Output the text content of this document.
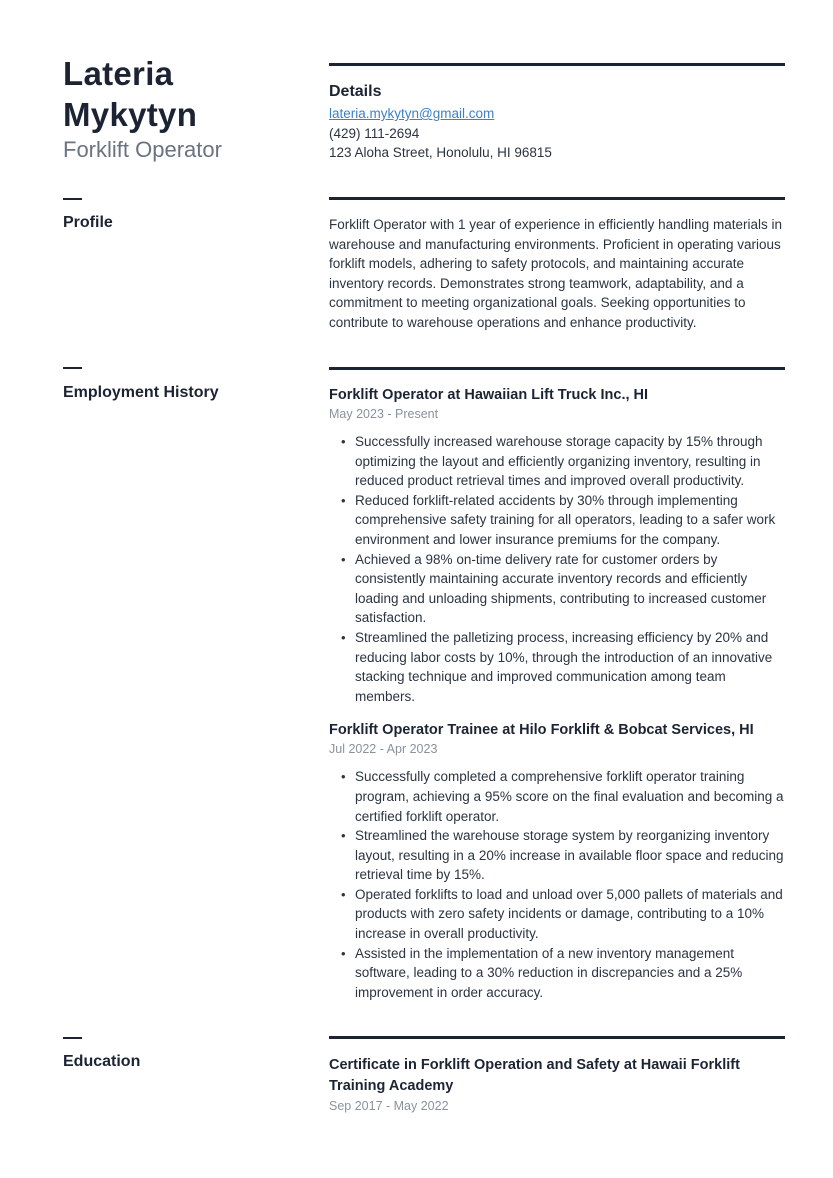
Lateria
Mykytyn
Forklift Operator
Details
lateria.mykytyn@gmail.com
(429) 111-2694
123 Aloha Street, Honolulu, HI 96815
Profile	Forklift Operator with 1 year of experience in efficiently handling materials in warehouse and manufacturing environments. Proficient in operating various forklift models, adhering to safety protocols, and maintaining accurate inventory records. Demonstrates strong teamwork, adaptability, and a commitment to meeting organizational goals. Seeking opportunities to contribute to warehouse operations and enhance productivity.
Employment History	Forklift Operator at Hawaiian Lift Truck Inc., HI
May 2023 - Present
• Successfully increased warehouse storage capacity by 15% through optimizing the layout and efficiently organizing inventory, resulting in reduced product retrieval times and improved overall productivity.
• Reduced forklift-related accidents by 30% through implementing comprehensive safety training for all operators, leading to a safer work environment and lower insurance premiums for the company.
• Achieved a 98% on-time delivery rate for customer orders by consistently maintaining accurate inventory records and efficiently loading and unloading shipments, contributing to increased customer satisfaction.
• Streamlined the palletizing process, increasing efficiency by 20% and reducing labor costs by 10%, through the introduction of an innovative stacking technique and improved communication among team members.
Forklift Operator Trainee at Hilo Forklift & Bobcat Services, HI
Jul 2022 - Apr 2023
• Successfully completed a comprehensive forklift operator training program, achieving a 95% score on the final evaluation and becoming a certified forklift operator.
• Streamlined the warehouse storage system by reorganizing inventory layout, resulting in a 20% increase in available floor space and reducing retrieval time by 15%.
• Operated forklifts to load and unload over 5,000 pallets of materials and products with zero safety incidents or damage, contributing to a 10% increase in overall productivity.
• Assisted in the implementation of a new inventory management software, leading to a 30% reduction in discrepancies and a 25% improvement in order accuracy.
Education	Certificate in Forklift Operation and Safety at Hawaii Forklift Training Academy
Sep 2017 - May 2022
